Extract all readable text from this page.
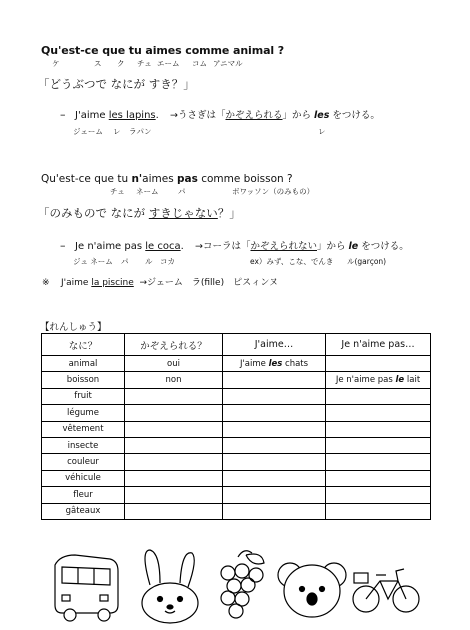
Qu'est-ce que tu aimes comme animal ?
ケ	ス ク チュ エーム コム アニマル
「どうぶつで なにが すき？」
– J'aime les lapins. →うさぎは「かぞえられる」から les をつける。
ジェーム レ ラパン	レ
Qu'est-ce que tu n'aimes pas comme boisson ?
チュ ネーム	パ	ボワッソン（のみもの）
「のみもので なにが すきじゃない？」
– Je n'aime pas le coca. →コーラは「かぞえられない」から le をつける。
ジュ ネーム パ ル コカ	ex）みず、こな、でんき ル(garçon)
※ J'aime la piscine →ジェーム　ラ(fille)　ピスィンヌ
【れんしゅう】
なに？	かぞえられる？	J'aime…	Je n'aime pas…
animal	oui	J'aime les chats	
boisson	non		Je n'aime pas le lait
fruit			
légume			
vêtement			
insecte			
couleur			
véhicule			
fleur			
gâteaux			
